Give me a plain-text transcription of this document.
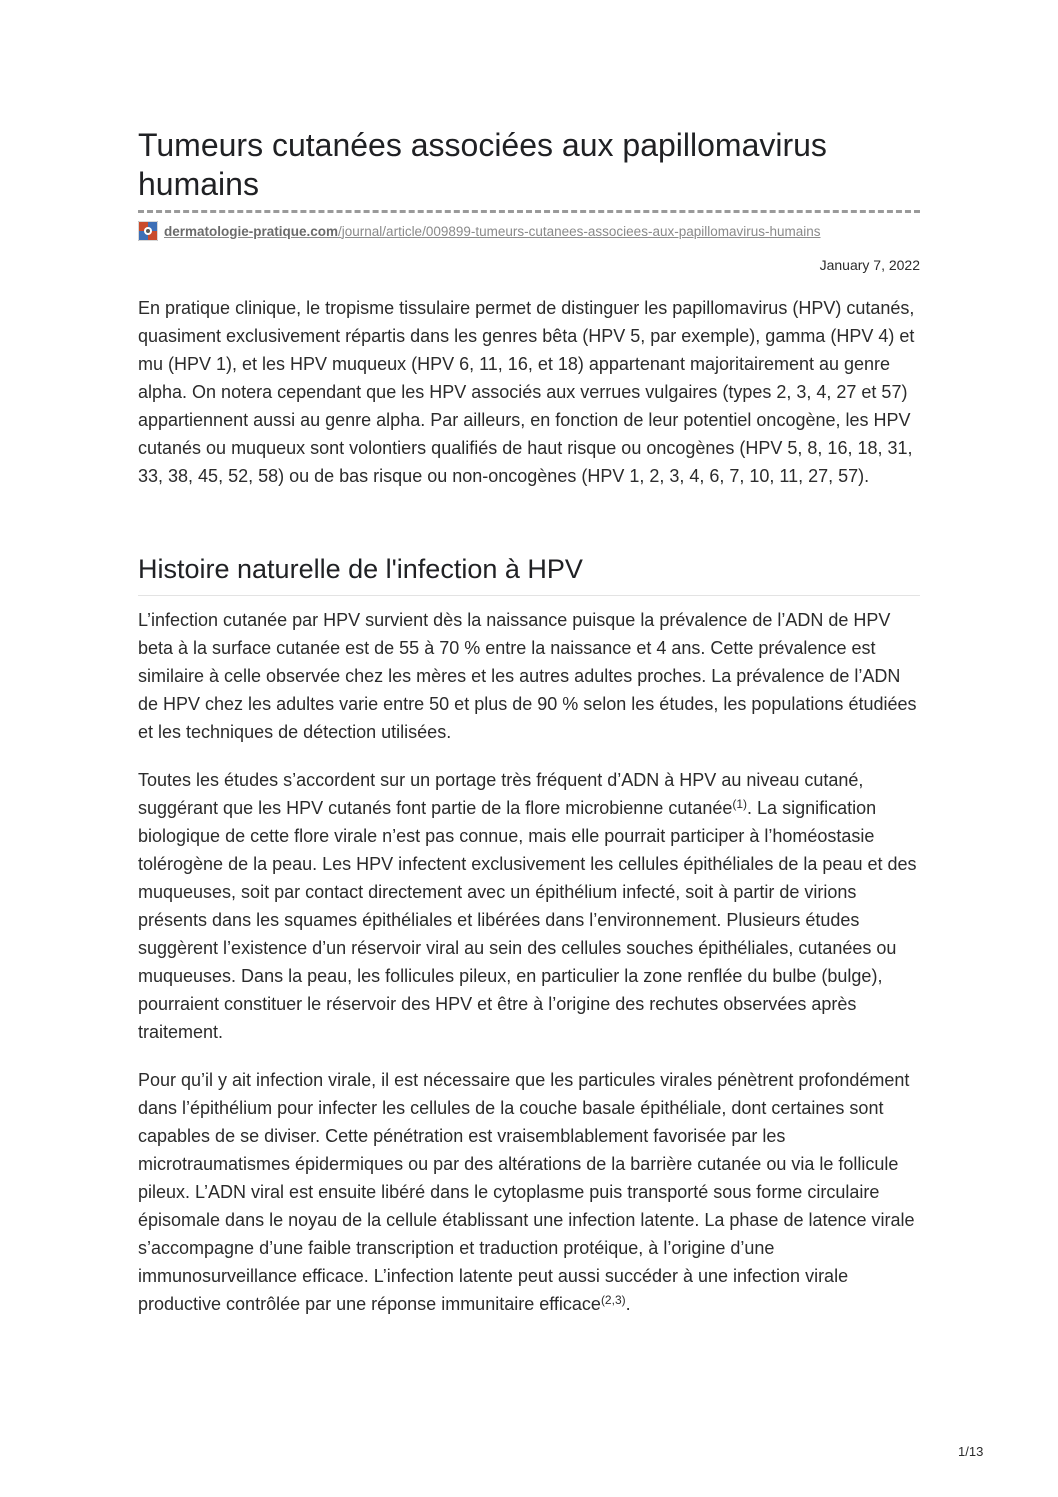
Tumeurs cutanées associées aux papillomavirus humains
dermatologie-pratique.com/journal/article/009899-tumeurs-cutanees-associees-aux-papillomavirus-humains
January 7, 2022

En pratique clinique, le tropisme tissulaire permet de distinguer les papillomavirus (HPV) cutanés, quasiment exclusivement répartis dans les genres bêta (HPV 5, par exemple), gamma (HPV 4) et mu (HPV 1), et les HPV muqueux (HPV 6, 11, 16, et 18) appartenant majoritairement au genre alpha. On notera cependant que les HPV associés aux verrues vulgaires (types 2, 3, 4, 27 et 57) appartiennent aussi au genre alpha. Par ailleurs, en fonction de leur potentiel oncogène, les HPV cutanés ou muqueux sont volontiers qualifiés de haut risque ou oncogènes (HPV 5, 8, 16, 18, 31, 33, 38, 45, 52, 58) ou de bas risque ou non-oncogènes (HPV 1, 2, 3, 4, 6, 7, 10, 11, 27, 57).

Histoire naturelle de l'infection à HPV

L’infection cutanée par HPV survient dès la naissance puisque la prévalence de l’ADN de HPV beta à la surface cutanée est de 55 à 70 % entre la naissance et 4 ans. Cette prévalence est similaire à celle observée chez les mères et les autres adultes proches. La prévalence de l’ADN de HPV chez les adultes varie entre 50 et plus de 90 % selon les études, les populations étudiées et les techniques de détection utilisées.

Toutes les études s’accordent sur un portage très fréquent d’ADN à HPV au niveau cutané, suggérant que les HPV cutanés font partie de la flore microbienne cutanée$^{(1)}$. La signification biologique de cette flore virale n’est pas connue, mais elle pourrait participer à l’homéostasie tolérogène de la peau. Les HPV infectent exclusivement les cellules épithéliales de la peau et des muqueuses, soit par contact directement avec un épithélium infecté, soit à partir de virions présents dans les squames épithéliales et libérées dans l’environnement. Plusieurs études suggèrent l’existence d’un réservoir viral au sein des cellules souches épithéliales, cutanées ou muqueuses. Dans la peau, les follicules pileux, en particulier la zone renflée du bulbe (bulge), pourraient constituer le réservoir des HPV et être à l’origine des rechutes observées après traitement.

Pour qu’il y ait infection virale, il est nécessaire que les particules virales pénètrent profondément dans l’épithélium pour infecter les cellules de la couche basale épithéliale, dont certaines sont capables de se diviser. Cette pénétration est vraisemblablement favorisée par les microtraumatismes épidermiques ou par des altérations de la barrière cutanée ou via le follicule pileux. L’ADN viral est ensuite libéré dans le cytoplasme puis transporté sous forme circulaire épisomale dans le noyau de la cellule établissant une infection latente. La phase de latence virale s’accompagne d’une faible transcription et traduction protéique, à l’origine d’une immunosurveillance efficace. L’infection latente peut aussi succéder à une infection virale productive contrôlée par une réponse immunitaire efficace$^{(2,3)}$.

1/13
